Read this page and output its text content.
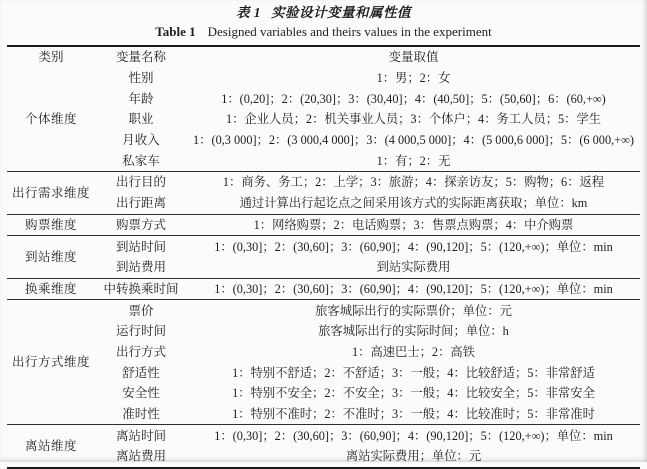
表 1 实验设计变量和属性值
Table 1 Designed variables and theirs values in the experiment
类别	变量名称	变量取值
个体维度	性别	1：男；2：女
	年龄	1：(0,20]；2：(20,30]；3：(30,40]；4：(40,50]；5：(50,60]；6：(60,+∞)
	职业	1：企业人员；2：机关事业人员；3：个体户；4：务工人员；5：学生
	月收入	1：(0,3 000]；2：(3 000,4 000]；3：(4 000,5 000]；4：(5 000,6 000]；5：(6 000,+∞)
	私家车	1：有；2：无
出行需求维度	出行目的	1：商务、务工；2：上学；3：旅游；4：探亲访友；5：购物；6：返程
	出行距离	通过计算出行起讫点之间采用该方式的实际距离获取；单位：km
购票维度	购票方式	1：网络购票；2：电话购票；3：售票点购票；4：中介购票
到站维度	到站时间	1：(0,30]；2：(30,60]；3：(60,90]；4：(90,120]；5：(120,+∞)；单位：min
	到站费用	到站实际费用
换乘维度	中转换乘时间	1：(0,30]；2：(30,60]；3：(60,90]；4：(90,120]；5：(120,+∞)；单位：min
出行方式维度	票价	旅客城际出行的实际票价；单位：元
	运行时间	旅客城际出行的实际时间；单位：h
	出行方式	1：高速巴士；2：高铁
	舒适性	1：特别不舒适；2：不舒适；3：一般；4：比较舒适；5：非常舒适
	安全性	1：特别不安全；2：不安全；3：一般；4：比较安全；5：非常安全
	准时性	1：特别不准时；2：不准时；3：一般；4：比较准时；5：非常准时
离站维度	离站时间	1：(0,30]；2：(30,60]；3：(60,90]；4：(90,120]；5：(120,+∞)；单位：min
	离站费用	离站实际费用；单位：元
